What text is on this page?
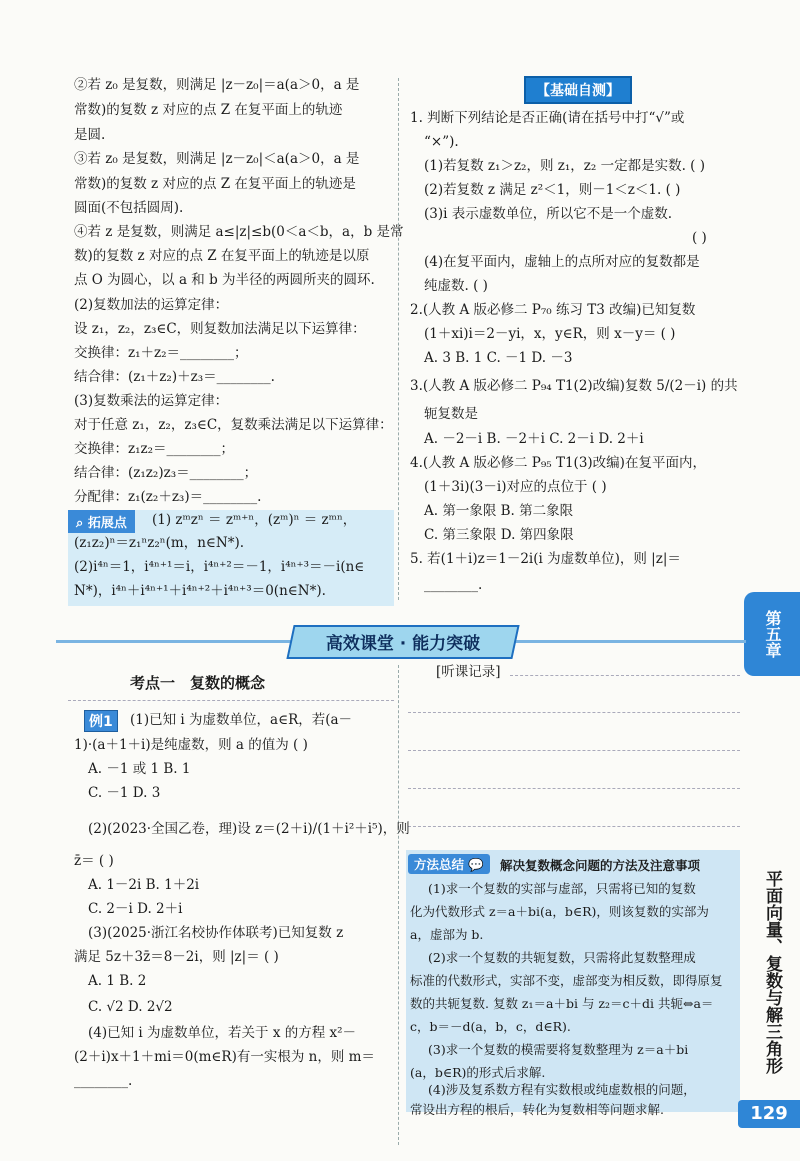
②若 z₀ 是复数，则满足 |z－z₀|＝a(a＞0，a 是
常数)的复数 z 对应的点 Z 在复平面上的轨迹
是圆.
③若 z₀ 是复数，则满足 |z－z₀|＜a(a＞0，a 是
常数)的复数 z 对应的点 Z 在复平面上的轨迹是
圆面(不包括圆周).
④若 z 是复数，则满足 a≤|z|≤b(0＜a＜b，a，b 是常
数)的复数 z 对应的点 Z 在复平面上的轨迹是以原
点 O 为圆心，以 a 和 b 为半径的两圆所夹的圆环.
(2)复数加法的运算定律：
设 z₁，z₂，z₃∈C，则复数加法满足以下运算律：
交换律：z₁＋z₂＝________；
结合律：(z₁＋z₂)＋z₃＝________.
(3)复数乘法的运算定律：
对于任意 z₁，z₂，z₃∈C，复数乘法满足以下运算律：
交换律：z₁z₂＝________；
结合律：(z₁z₂)z₃＝________；
分配律：z₁(z₂＋z₃)＝________.
⌕ 拓展点	(1) zᵐzⁿ ＝ zᵐ⁺ⁿ，(zᵐ)ⁿ ＝ zᵐⁿ，
(z₁z₂)ⁿ＝z₁ⁿz₂ⁿ(m，n∈N*).
(2)i⁴ⁿ＝1，i⁴ⁿ⁺¹＝i，i⁴ⁿ⁺²＝－1，i⁴ⁿ⁺³＝－i(n∈
N*)，i⁴ⁿ＋i⁴ⁿ⁺¹＋i⁴ⁿ⁺²＋i⁴ⁿ⁺³＝0(n∈N*).
【基础自测】
1. 判断下列结论是否正确(请在括号中打“√”或
“×”).
(1)若复数 z₁＞z₂，则 z₁，z₂ 一定都是实数. ( )
(2)若复数 z 满足 z²＜1，则－1＜z＜1. ( )
(3)i 表示虚数单位，所以它不是一个虚数.
( )
(4)在复平面内，虚轴上的点所对应的复数都是
纯虚数. ( )
2.(人教 A 版必修二 P₇₀ 练习 T3 改编)已知复数
(1＋xi)i＝2－yi，x，y∈R，则 x－y＝ ( )
A. 3 B. 1 C. －1 D. －3
3.(人教 A 版必修二 P₉₄ T1(2)改编)复数 5/(2－i) 的共
轭复数是
A. －2－i B. －2＋i C. 2－i D. 2＋i
4.(人教 A 版必修二 P₉₅ T1(3)改编)在复平面内，
(1＋3i)(3－i)对应的点位于 ( )
A. 第一象限 B. 第二象限
C. 第三象限 D. 第四象限
5. 若(1＋i)z＝1－2i(i 为虚数单位)，则 |z|＝
________.
第五章
高效课堂 · 能力突破
考点一　复数的概念
[听课记录]
例1	(1)已知 i 为虚数单位，a∈R，若(a－
1)·(a＋1＋i)是纯虚数，则 a 的值为 ( )
A. －1 或 1 B. 1
C. －1 D. 3
(2)(2023·全国乙卷，理)设 z＝(2＋i)/(1＋i²＋i⁵)，则
z̄＝ ( )
A. 1－2i B. 1＋2i
C. 2－i D. 2＋i
(3)(2025·浙江名校协作体联考)已知复数 z
满足 5z＋3z̄＝8－2i，则 |z|＝ ( )
A. 1 B. 2
C. √2 D. 2√2
(4)已知 i 为虚数单位，若关于 x 的方程 x²－
(2＋i)x＋1＋mi＝0(m∈R)有一实根为 n，则 m＝
________.
方法总结 💬	解决复数概念问题的方法及注意事项
(1)求一个复数的实部与虚部，只需将已知的复数
化为代数形式 z＝a＋bi(a，b∈R)，则该复数的实部为
a，虚部为 b.
(2)求一个复数的共轭复数，只需将此复数整理成
标准的代数形式，实部不变，虚部变为相反数，即得原复
数的共轭复数. 复数 z₁＝a＋bi 与 z₂＝c＋di 共轭⇔a＝
c，b＝－d(a，b，c，d∈R).
(3)求一个复数的模需要将复数整理为 z＝a＋bi
(a，b∈R)的形式后求解.
(4)涉及复系数方程有实数根或纯虚数根的问题，
常设出方程的根后，转化为复数相等问题求解.
平面向量、复数与解三角形
129
